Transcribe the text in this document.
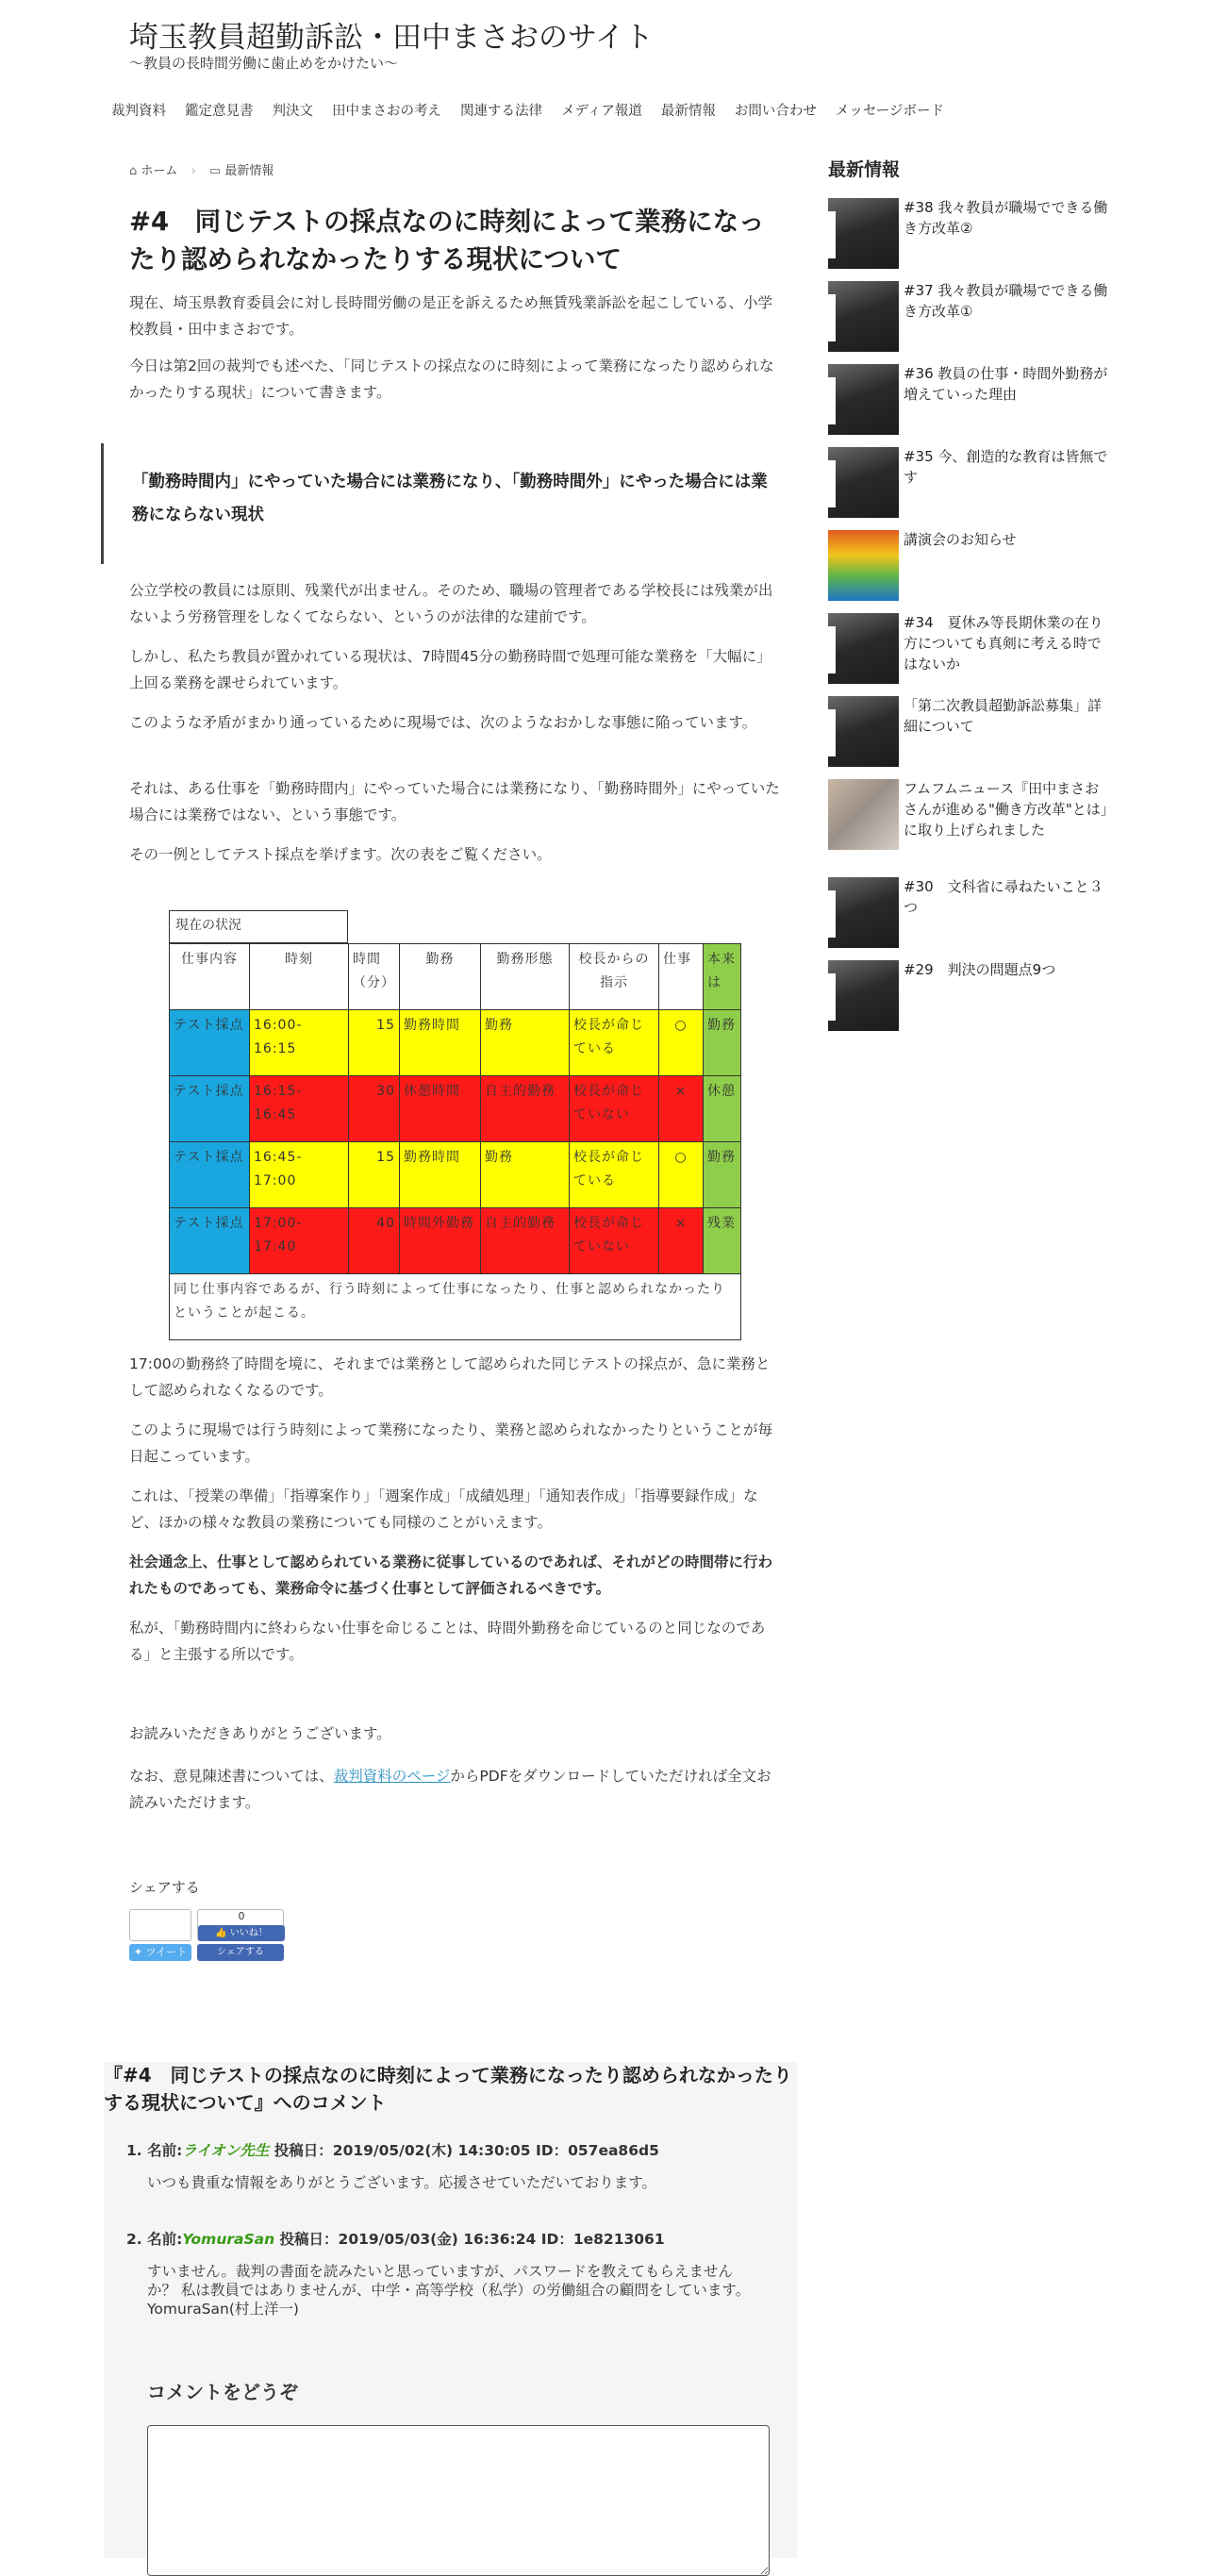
埼玉教員超勤訴訟・田中まさおのサイト
〜教員の長時間労働に歯止めをかけたい〜
裁判資料 鑑定意見書 判決文 田中まさおの考え 関連する法律 メディア報道 最新情報 お問い合わせ メッセージボード
⌂ ホーム › ▭ 最新情報
#4　同じテストの採点なのに時刻によって業務になったり認められなかったりする現状について

現在、埼玉県教育委員会に対し長時間労働の是正を訴えるため無賃残業訴訟を起こしている、小学校教員・田中まさおです。

今日は第2回の裁判でも述べた、「同じテストの採点なのに時刻によって業務になったり認められなかったりする現状」について書きます。

「勤務時間内」にやっていた場合には業務になり、「勤務時間外」にやった場合には業務にならない現状

公立学校の教員には原則、残業代が出ません。そのため、職場の管理者である学校長には残業が出ないよう労務管理をしなくてならない、というのが法律的な建前です。

しかし、私たち教員が置かれている現状は、7時間45分の勤務時間で処理可能な業務を「大幅に」上回る業務を課せられています。

このような矛盾がまかり通っているために現場では、次のようなおかしな事態に陥っています。

それは、ある仕事を「勤務時間内」にやっていた場合には業務になり、「勤務時間外」にやっていた場合には業務ではない、という事態です。

その一例としてテスト採点を挙げます。次の表をご覧ください。

現在の状況
仕事内容	時刻	時間（分）	勤務	勤務形態	校長からの指示	仕事	本来は
テスト採点	16:00-16:15	15	勤務時間	勤務	校長が命じている	○	勤務
テスト採点	16:15-16:45	30	休憩時間	自主的勤務	校長が命じていない	×	休憩
テスト採点	16:45-17:00	15	勤務時間	勤務	校長が命じている	○	勤務
テスト採点	17:00-17:40	40	時間外勤務	自主的勤務	校長が命じていない	×	残業
同じ仕事内容であるが、行う時刻によって仕事になったり、仕事と認められなかったりということが起こる。							

17:00の勤務終了時間を境に、それまでは業務として認められた同じテストの採点が、急に業務として認められなくなるのです。

このように現場では行う時刻によって業務になったり、業務と認められなかったりということが毎日起こっています。

これは、「授業の準備」「指導案作り」「週案作成」「成績処理」「通知表作成」「指導要録作成」など、ほかの様々な教員の業務についても同様のことがいえます。

社会通念上、仕事として認められている業務に従事しているのであれば、それがどの時間帯に行われたものであっても、業務命令に基づく仕事として評価されるべきです。

私が、「勤務時間内に終わらない仕事を命じることは、時間外勤務を命じているのと同じなのである」と主張する所以です。

お読みいただきありがとうございます。

なお、意見陳述書については、裁判資料のページからPDFをダウンロードしていただければ全文お読みいただけます。

シェアする
✦ ツイート
0
👍 いいね！
シェアする
『#4　同じテストの採点なのに時刻によって業務になったり認められなかったりする現状について』へのコメント
1. 名前:ライオン先生 投稿日：2019/05/02(木) 14:30:05 ID：057ea86d5
いつも貴重な情報をありがとうございます。応援させていただいております。
2. 名前:YomuraSan 投稿日：2019/05/03(金) 16:36:24 ID：1e8213061
すいません。裁判の書面を読みたいと思っていますが、パスワードを教えてもらえませんか？ 私は教員ではありませんが、中学・高等学校（私学）の労働組合の顧問をしています。 YomuraSan(村上洋一)
コメントをどうぞ
最新情報
#38 我々教員が職場でできる働き方改革②
#37 我々教員が職場でできる働き方改革①
#36 教員の仕事・時間外勤務が増えていった理由
#35 今、創造的な教育は皆無です
講演会のお知らせ
#34　夏休み等長期休業の在り方についても真剣に考える時ではないか
「第二次教員超勤訴訟募集」詳細について
フムフムニュース『田中まさおさんが進める"働き方改革"とは」に取り上げられました
#30　文科省に尋ねたいこと３つ
#29　判決の問題点9つ
